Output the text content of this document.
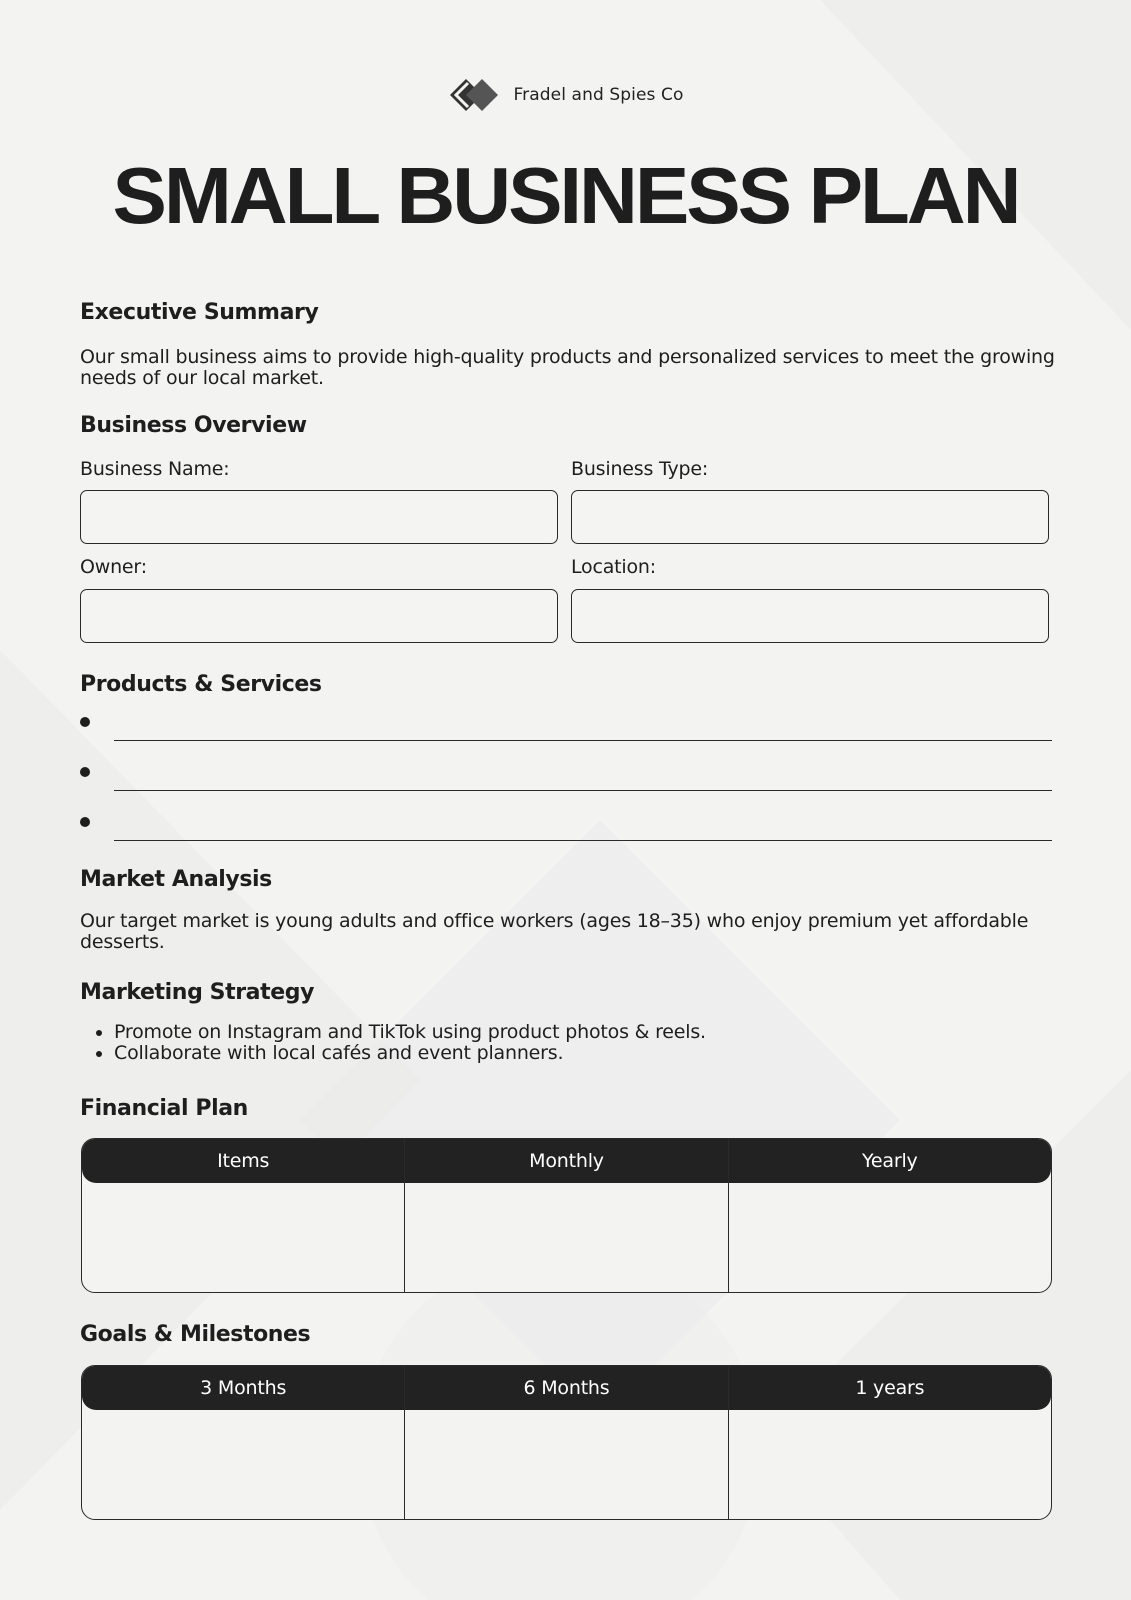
Fradel and Spies Co
SMALL BUSINESS PLAN
Executive Summary

Our small business aims to provide high-quality products and personalized services to meet the growing needs of our local market.

Business Overview
Business Name:	Business Type:
Owner:	Location:
Products & Services
Market Analysis

Our target market is young adults and office workers (ages 18–35) who enjoy premium yet affordable desserts.

Marketing Strategy
• Promote on Instagram and TikTok using product photos & reels.
• Collaborate with local cafés and event planners.
Financial Plan
Items	Monthly	Yearly
Goals & Milestones
3 Months	6 Months	1 years
